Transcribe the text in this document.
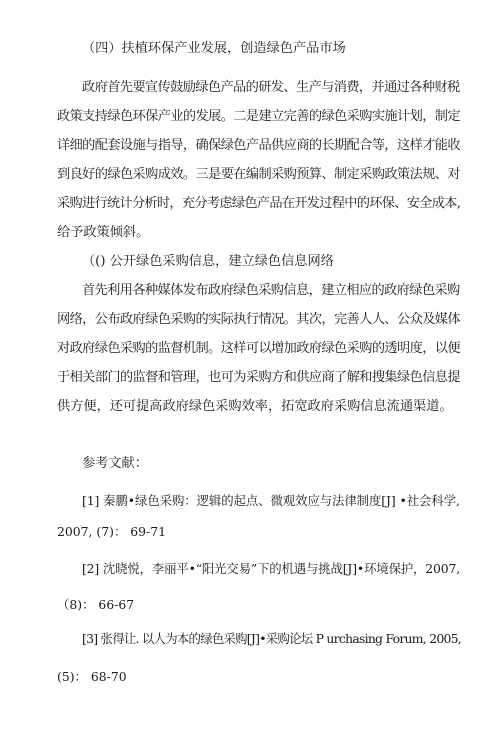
（四）扶植环保产业发展，创造绿色产品市场
政府首先要宣传鼓励绿色产品的研发、生产与消费，并通过各种财税
政策支持绿色环保产业的发展。二是建立完善的绿色采购实施计划，制定
详细的配套设施与指导，确保绿色产品供应商的长期配合等，这样才能收
到良好的绿色采购成效。三是要在编制采购预算、制定采购政策法规、对
采购进行统计分析时，充分考虑绿色产品在开发过程中的环保、安全成本,
给予政策倾斜。
（() 公开绿色采购信息，建立绿色信息网络
首先利用各种媒体发布政府绿色采购信息，建立相应的政府绿色采购
网络，公布政府绿色采购的实际执行情况。其次，完善人人、公众及媒体
对政府绿色采购的监督机制。这样可以增加政府绿色采购的透明度，以便
于相关部门的监督和管理，也可为采购方和供应商了解和搜集绿色信息提
供方便，还可提高政府绿色采购效率，拓宽政府采购信息流通渠道。
参考文献：
[1] 秦鹏•绿色采购：逻辑的起点、微观效应与法律制度[J] •社会科学,
2007, (7)： 69-71
[2] 沈晓悦，李丽平•“阳光交易”下的机遇与挑战[J]•环境保护，2007,
（8)： 66-67
[3] 张得让. 以人为本的绿色采购[J]•采购论坛 P urchasing Forum, 2005,
(5)： 68-70
